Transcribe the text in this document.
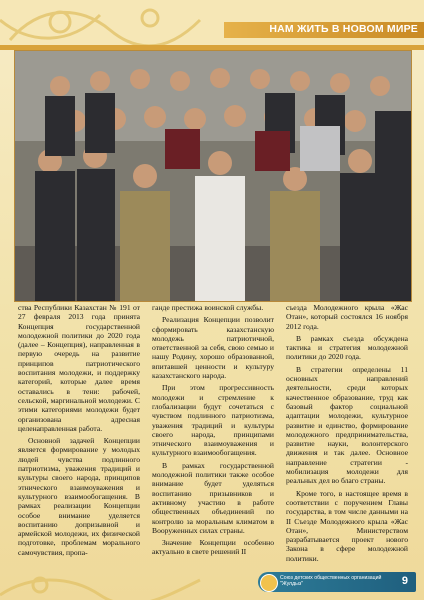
НАМ ЖИТЬ В НОВОМ МИРЕ

ства Республики Казахстан № 191 от 27 февраля 2013 года принята Концепция государственной молодежной политики до 2020 года (далее – Концепция), направленная в первую очередь на развитие принципов патриотического воспитания молодежи, и поддержку категорий, которые далее время оставались в тени: рабочей, сельской, маргинальной молодежи. С этими категориями молодежи будет организована адресная целенаправленная работа.

Основной задачей Концепции является формирование у молодых людей чувства подлинного патриотизма, уважения традиций и культуры своего народа, принципов этнического взаимоуважения и культурного взаимообогащения. В рамках реализации Концепции особое внимание уделяется воспитанию допризывной и армейской молодежи, их физической подготовке, проблемам морального самочувствия, пропа-

ганде престижа воинской службы.

Реализация Концепции позволит сформировать казахстанскую молодежь патриотичной, ответственной за себя, свою семью и нашу Родину, хорошо образованной, впитавшей ценности и культуру казахстанского народа.

При этом прогрессивность молодежи и стремление к глобализации будут сочетаться с чувством подлинного патриотизма, уважения традиций и культуры своего народа, принципами этнического взаимоуважения и культурного взаимообогащения.

В рамках государственной молодежной политики также особое внимание будет уделяться воспитанию призывников и активному участию в работе общественных объединений по контролю за моральным климатом в Вооруженных силах страны.

Значение Концепции особенно актуально в свете решений II

съезда Молодежного крыла «Жас Отан», который состоялся 16 ноября 2012 года.

В рамках съезда обсуждена тактика и стратегия молодежной политики до 2020 года.

В стратегии определены 11 основных направлений деятельности, среди которых качественное образование, труд как базовый фактор социальной адаптации молодежи, культурное развитие и единство, формирование молодежного предпринимательства, развитие науки, волонтерского движения и так далее. Основное направление стратегии - мобилизация молодежи для реальных дел во благо страны.

Кроме того, в настоящее время в соответствии с поручением Главы государства, в том числе данными на II Съезде Молодежного крыла «Жас Отан», Министерством разрабатывается проект нового Закона в сфере молодежной политики.

Союз детских общественных организаций "Жулдыз"	9
